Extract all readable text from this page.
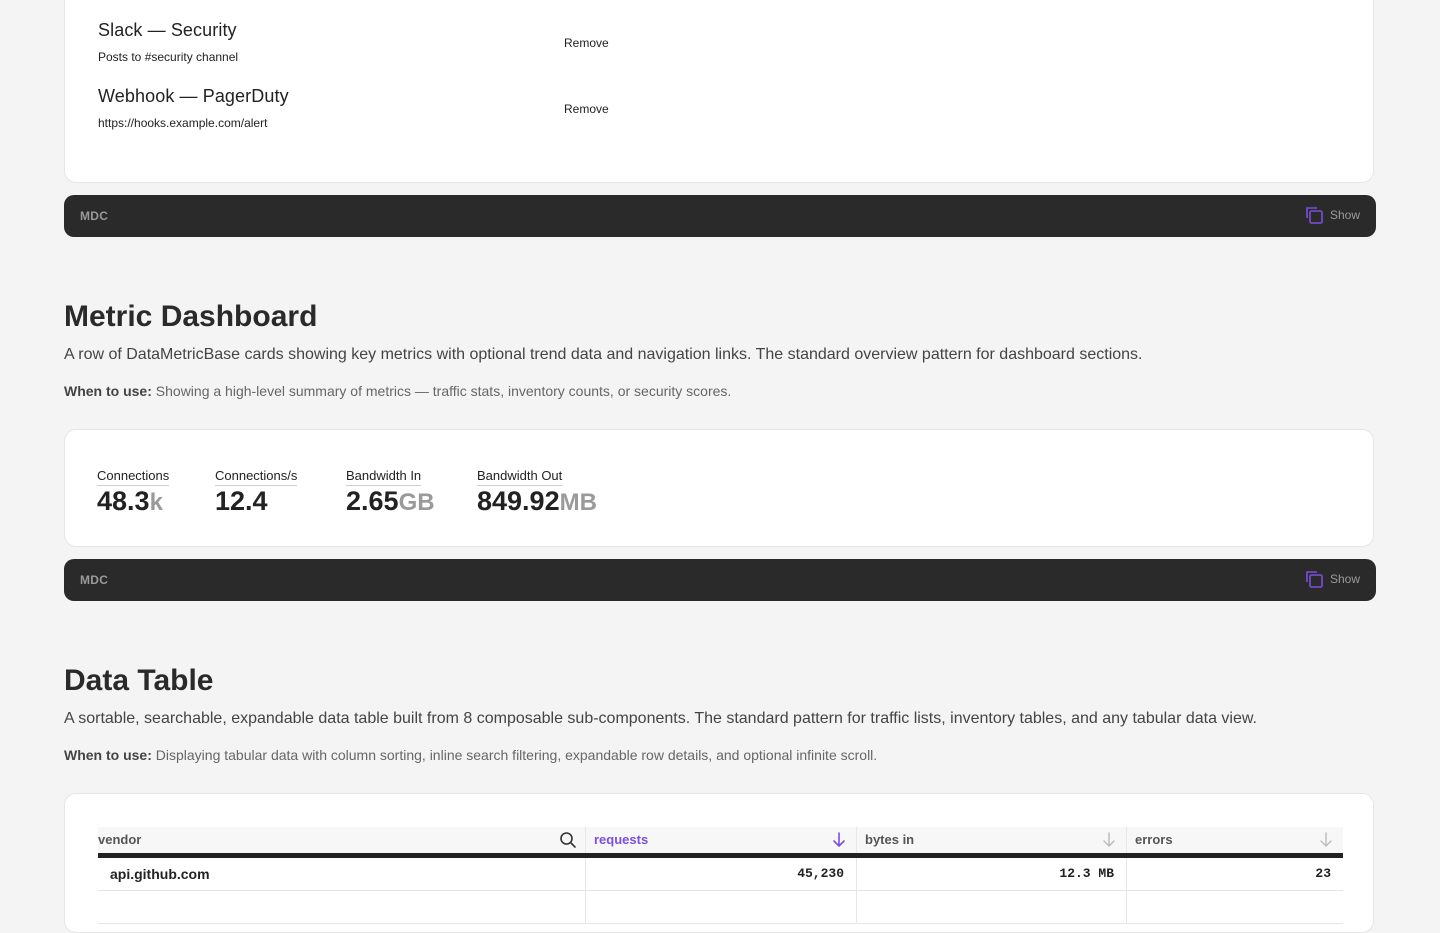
Slack — Security
Posts to #security channel
Remove
Webhook — PagerDuty
https://hooks.example.com/alert
Remove
MDC	Show
Metric Dashboard

A row of DataMetricBase cards showing key metrics with optional trend data and navigation links. The standard overview pattern for dashboard sections.

When to use: Showing a high-level summary of metrics — traffic stats, inventory counts, or security scores.

Connections
48.3k
Connections/s
12.4
Bandwidth In
2.65GB
Bandwidth Out
849.92MB
MDC	Show
Data Table

A sortable, searchable, expandable data table built from 8 composable sub-components. The standard pattern for traffic lists, inventory tables, and any tabular data view.

When to use: Displaying tabular data with column sorting, inline search filtering, expandable row details, and optional infinite scroll.

vendor	requests	bytes in	errors
api.github.com	45,230	12.3 MB	23
